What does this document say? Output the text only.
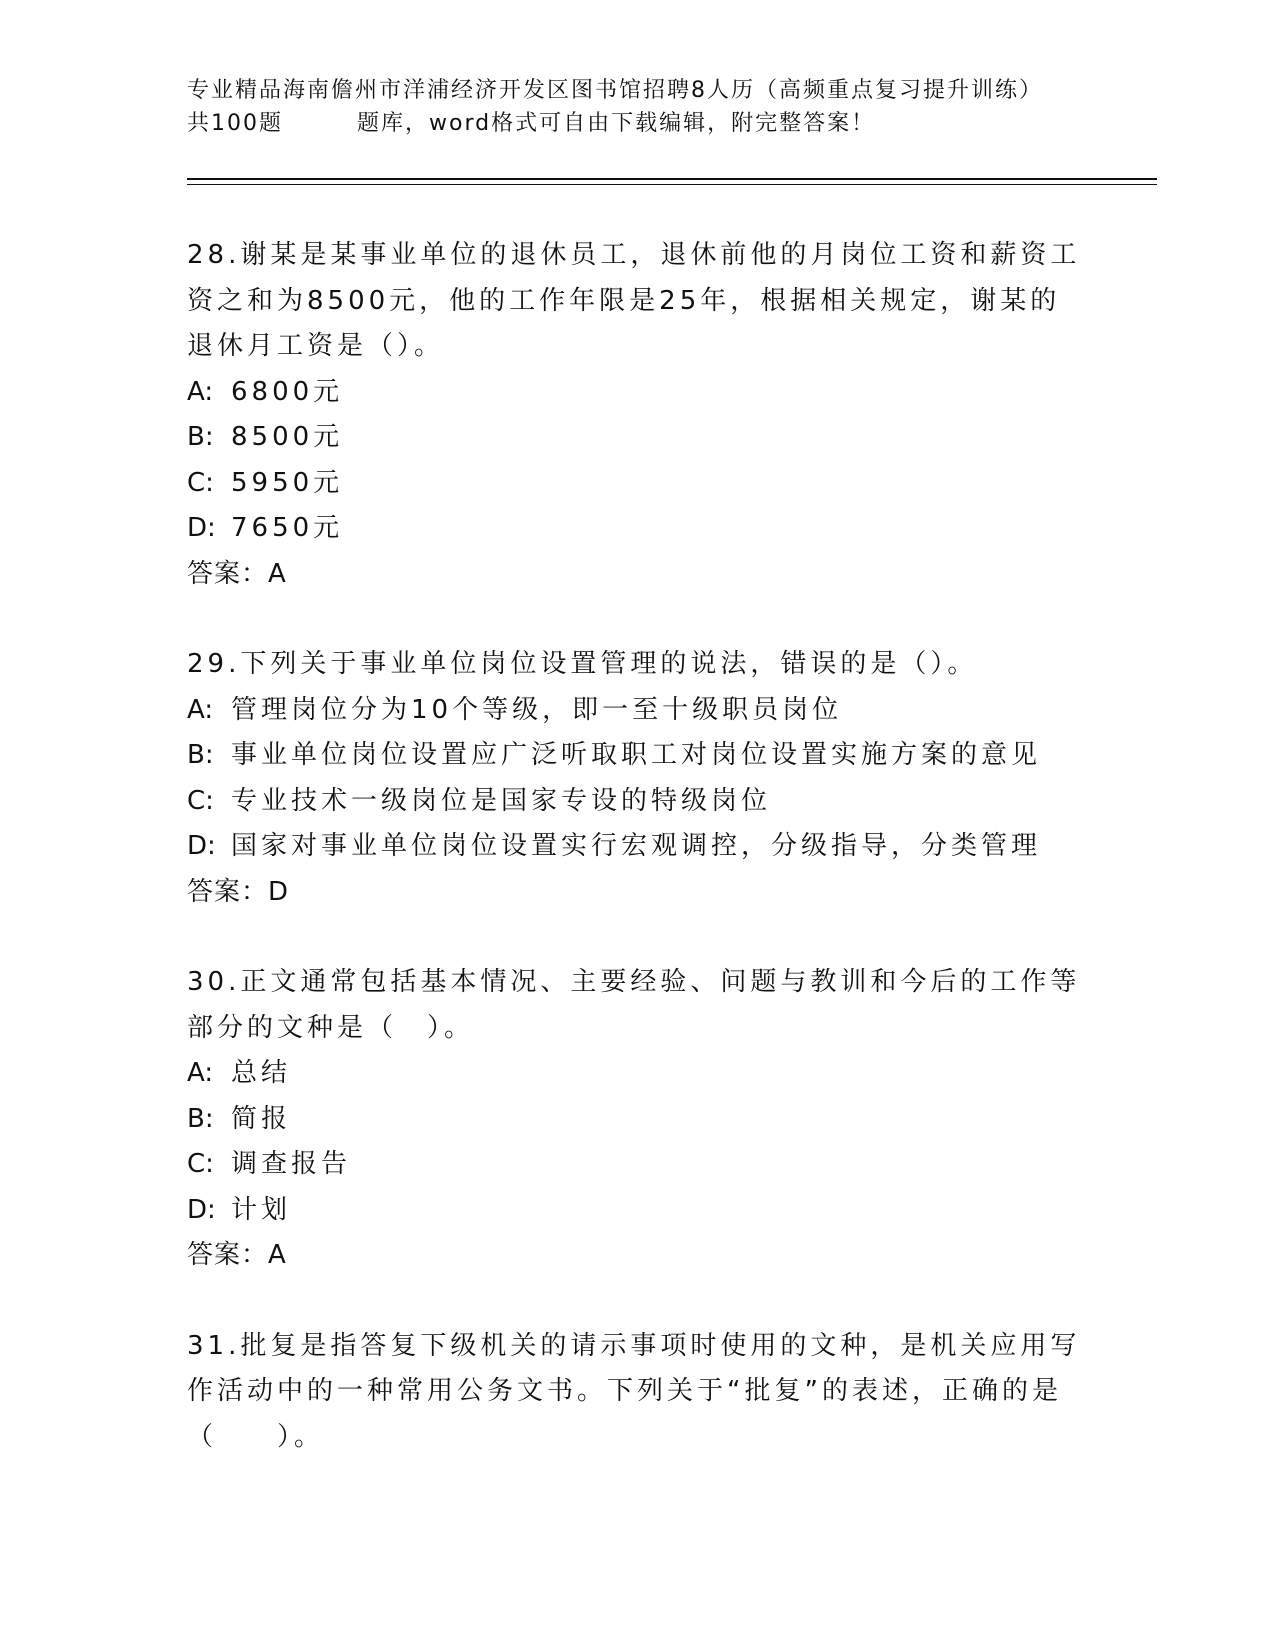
专业精品海南儋州市洋浦经济开发区图书馆招聘8人历（高频重点复习提升训练）
共100题	题库，word格式可自由下载编辑，附完整答案！

28.谢某是某事业单位的退休员工，退休前他的月岗位工资和薪资工资之和为8500元，他的工作年限是25年，根据相关规定，谢某的退休月工资是（）。

A: 6800元

B: 8500元

C: 5950元

D: 7650元

答案：A

29.下列关于事业单位岗位设置管理的说法，错误的是（）。

A: 管理岗位分为10个等级，即一至十级职员岗位

B: 事业单位岗位设置应广泛听取职工对岗位设置实施方案的意见

C: 专业技术一级岗位是国家专设的特级岗位

D: 国家对事业单位岗位设置实行宏观调控，分级指导，分类管理

答案：D

30.正文通常包括基本情况、主要经验、问题与教训和今后的工作等部分的文种是（　）。

A: 总结

B: 简报

C: 调查报告

D: 计划

答案：A

31.批复是指答复下级机关的请示事项时使用的文种，是机关应用写作活动中的一种常用公务文书。下列关于“批复”的表述，正确的是（　　）。
